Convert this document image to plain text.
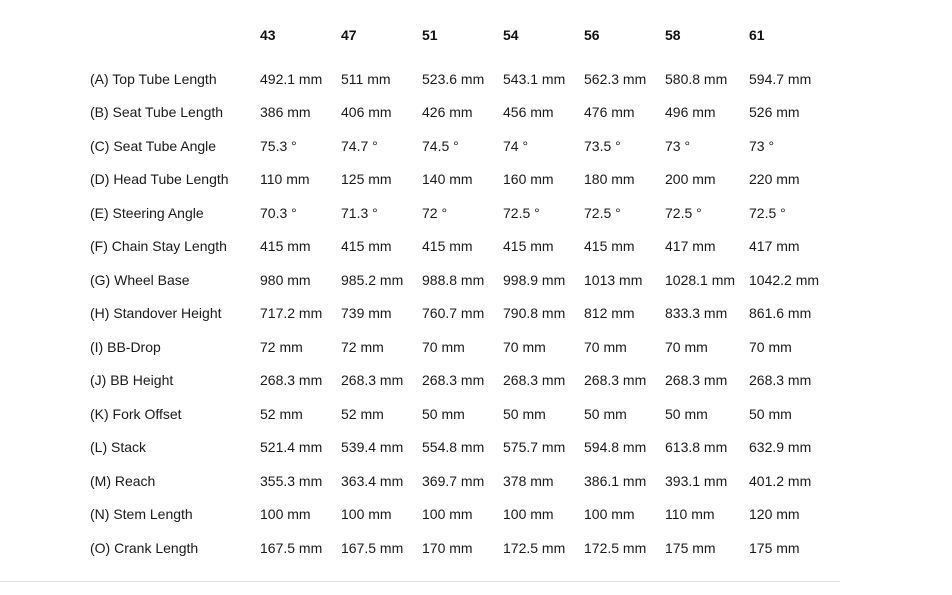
	43	47	51	54	56	58	61

(A) Top Tube Length	492.1 mm	511 mm	523.6 mm	543.1 mm	562.3 mm	580.8 mm	594.7 mm
(B) Seat Tube Length	386 mm	406 mm	426 mm	456 mm	476 mm	496 mm	526 mm
(C) Seat Tube Angle	75.3 °	74.7 °	74.5 °	74 °	73.5 °	73 °	73 °
(D) Head Tube Length	110 mm	125 mm	140 mm	160 mm	180 mm	200 mm	220 mm
(E) Steering Angle	70.3 °	71.3 °	72 °	72.5 °	72.5 °	72.5 °	72.5 °
(F) Chain Stay Length	415 mm	415 mm	415 mm	415 mm	415 mm	417 mm	417 mm
(G) Wheel Base	980 mm	985.2 mm	988.8 mm	998.9 mm	1013 mm	1028.1 mm	1042.2 mm
(H) Standover Height	717.2 mm	739 mm	760.7 mm	790.8 mm	812 mm	833.3 mm	861.6 mm
(I) BB-Drop	72 mm	72 mm	70 mm	70 mm	70 mm	70 mm	70 mm
(J) BB Height	268.3 mm	268.3 mm	268.3 mm	268.3 mm	268.3 mm	268.3 mm	268.3 mm
(K) Fork Offset	52 mm	52 mm	50 mm	50 mm	50 mm	50 mm	50 mm
(L) Stack	521.4 mm	539.4 mm	554.8 mm	575.7 mm	594.8 mm	613.8 mm	632.9 mm
(M) Reach	355.3 mm	363.4 mm	369.7 mm	378 mm	386.1 mm	393.1 mm	401.2 mm
(N) Stem Length	100 mm	100 mm	100 mm	100 mm	100 mm	110 mm	120 mm
(O) Crank Length	167.5 mm	167.5 mm	170 mm	172.5 mm	172.5 mm	175 mm	175 mm
